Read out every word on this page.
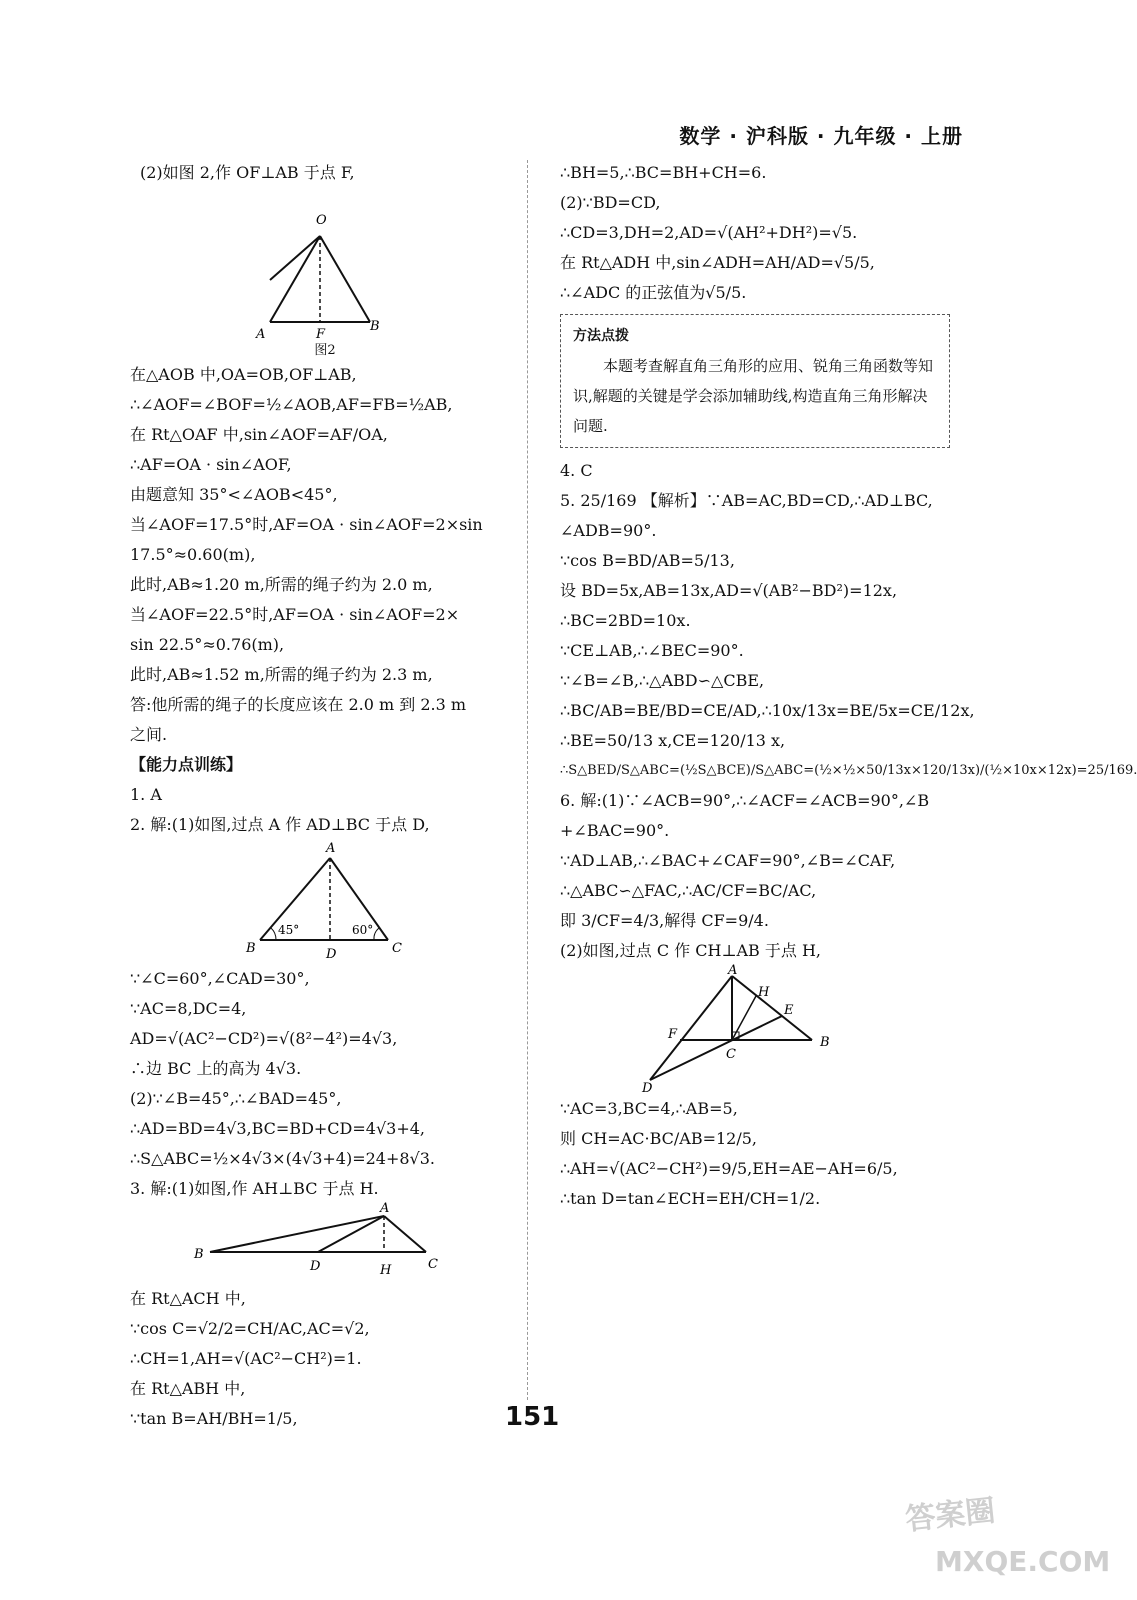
数学 · 沪科版 · 九年级 · 上册
(2)如图 2,作 OF⊥AB 于点 F,
O
A	F
B
图2
在△AOB 中,OA=OB,OF⊥AB,
∴∠AOF=∠BOF=½∠AOB,AF=FB=½AB,
在 Rt△OAF 中,sin∠AOF=AF/OA,
∴AF=OA · sin∠AOF,
由题意知 35°<∠AOB<45°,
当∠AOF=17.5°时,AF=OA · sin∠AOF=2×sin
17.5°≈0.60(m),
此时,AB≈1.20 m,所需的绳子约为 2.0 m,
当∠AOF=22.5°时,AF=OA · sin∠AOF=2×
sin 22.5°≈0.76(m),
此时,AB≈1.52 m,所需的绳子约为 2.3 m,
答:他所需的绳子的长度应该在 2.0 m 到 2.3 m
之间.
【能力点训练】
1. A
2. 解:(1)如图,过点 A 作 AD⊥BC 于点 D,
A
B	C
D
45°	60°
∵∠C=60°,∠CAD=30°,
∵AC=8,DC=4,
AD=√(AC²−CD²)=√(8²−4²)=4√3,
∴边 BC 上的高为 4√3.
(2)∵∠B=45°,∴∠BAD=45°,
∴AD=BD=4√3,BC=BD+CD=4√3+4,
∴S△ABC=½×4√3×(4√3+4)=24+8√3.
3. 解:(1)如图,作 AH⊥BC 于点 H.
A
B
D	H	C
在 Rt△ACH 中,
∵cos C=√2/2=CH/AC,AC=√2,
∴CH=1,AH=√(AC²−CH²)=1.
在 Rt△ABH 中,
∵tan B=AH/BH=1/5,
∴BH=5,∴BC=BH+CH=6.
(2)∵BD=CD,
∴CD=3,DH=2,AD=√(AH²+DH²)=√5.
在 Rt△ADH 中,sin∠ADH=AH/AD=√5/5,
∴∠ADC 的正弦值为√5/5.
方法点拨
本题考查解直角三角形的应用、锐角三角函数等知识,解题的关键是学会添加辅助线,构造直角三角形解决问题.
4. C
5. 25/169 【解析】∵AB=AC,BD=CD,∴AD⊥BC,
∠ADB=90°.
∵cos B=BD/AB=5/13,
设 BD=5x,AB=13x,AD=√(AB²−BD²)=12x,
∴BC=2BD=10x.
∵CE⊥AB,∴∠BEC=90°.
∵∠B=∠B,∴△ABD∽△CBE,
∴BC/AB=BE/BD=CE/AD,∴10x/13x=BE/5x=CE/12x,
∴BE=50/13 x,CE=120/13 x,
∴S△BED/S△ABC=(½S△BCE)/S△ABC=(½×½×50/13x×120/13x)/(½×10x×12x)=25/169.
6. 解:(1)∵∠ACB=90°,∴∠ACF=∠ACB=90°,∠B
+∠BAC=90°.
∵AD⊥AB,∴∠BAC+∠CAF=90°,∠B=∠CAF,
∴△ABC∽△FAC,∴AC/CF=BC/AC,
即 3/CF=4/3,解得 CF=9/4.
(2)如图,过点 C 作 CH⊥AB 于点 H,
A
H
E
F
C
B
D
∵AC=3,BC=4,∴AB=5,
则 CH=AC·BC/AB=12/5,
∴AH=√(AC²−CH²)=9/5,EH=AE−AH=6/5,
∴tan D=tan∠ECH=EH/CH=1/2.
151
答案圈
MXQE.COM
